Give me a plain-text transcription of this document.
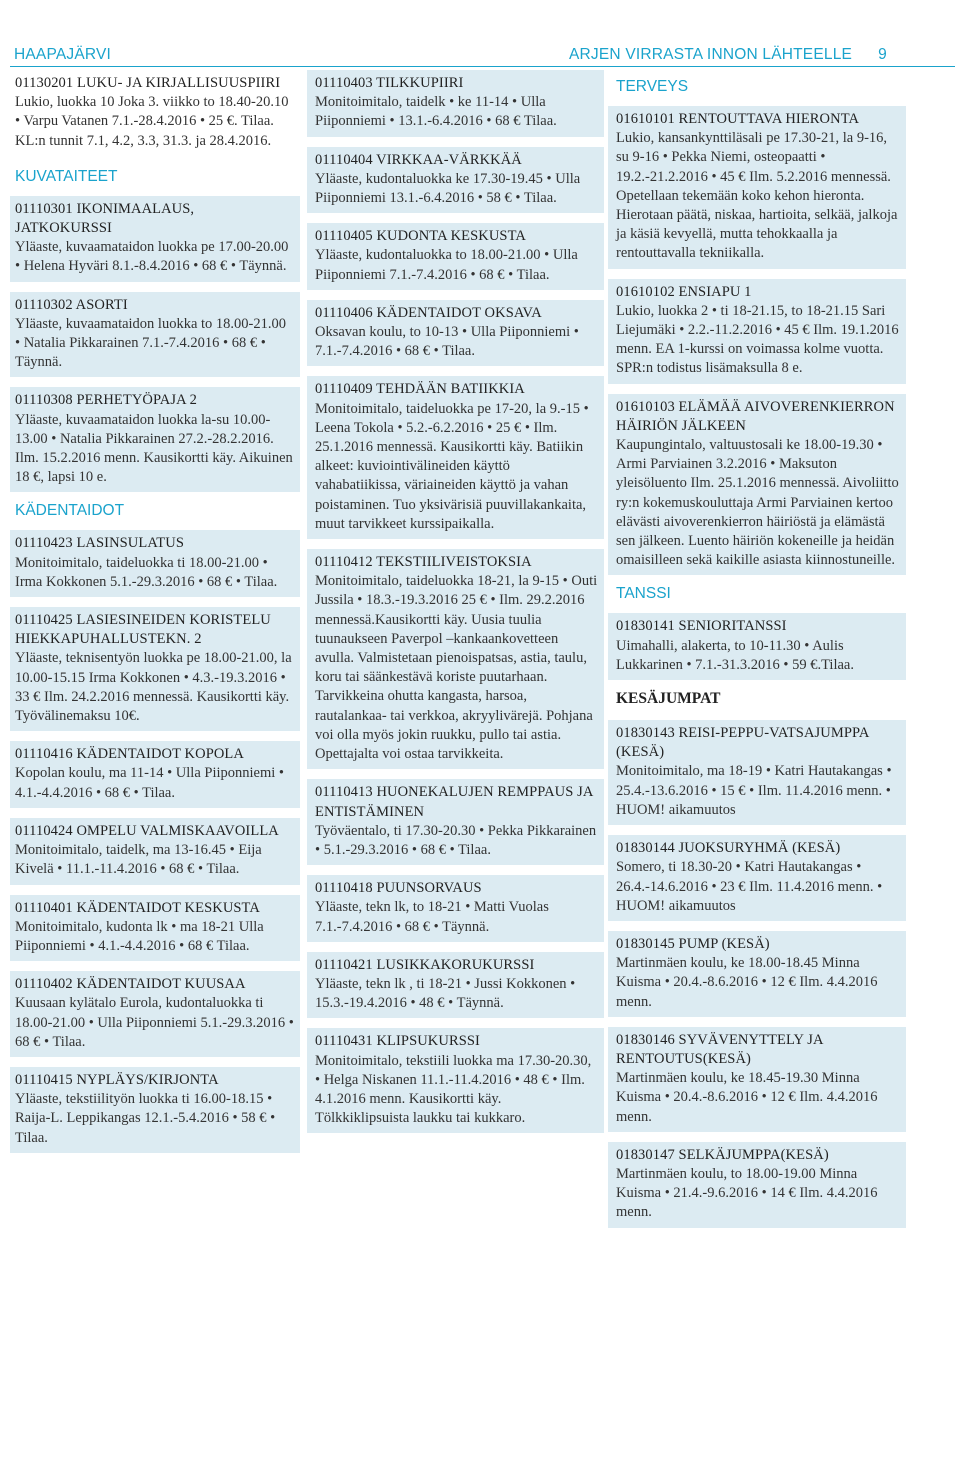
HAAPAJÄRVI	ARJEN VIRRASTA INNON LÄHTEELLE 9
01130201 LUKU- JA KIRJALLISUUSPIIRI
Lukio, luokka 10 Joka 3. viikko to 18.40-20.10 • Varpu Vatanen 7.1.-28.4.2016 • 25 €. Tilaa. KL:n tunnit 7.1, 4.2, 3.3, 31.3. ja 28.4.2016.
KUVATAITEET
01110301 IKONIMAALAUS, JATKOKURSSI
Yläaste, kuvaamataidon luokka pe 17.00-20.00 • Helena Hyväri 8.1.-8.4.2016 • 68 € • Täynnä.
01110302 ASORTI
Yläaste, kuvaamataidon luokka to 18.00-21.00 • Natalia Pikkarainen 7.1.-7.4.2016 • 68 € • Täynnä.
01110308 PERHETYÖPAJA 2
Yläaste, kuvaamataidon luokka la-su 10.00-13.00 • Natalia Pikkarainen 27.2.-28.2.2016. Ilm. 15.2.2016 menn. Kausikortti käy. Aikuinen 18 €, lapsi 10 e.
KÄDENTAIDOT
01110423 LASINSULATUS
Monitoimitalo, taideluokka ti 18.00-21.00 • Irma Kokkonen 5.1.-29.3.2016 • 68 € • Tilaa.
01110425 LASIESINEIDEN KORISTELU HIEKKAPUHALLUSTEKN. 2
Yläaste, teknisentyön luokka pe 18.00-21.00, la 10.00-15.15 Irma Kokkonen • 4.3.-19.3.2016 • 33 € Ilm. 24.2.2016 mennessä. Kausikortti käy. Työvälinemaksu 10€.
01110416 KÄDENTAIDOT KOPOLA
Kopolan koulu, ma 11-14 • Ulla Piiponniemi • 4.1.-4.4.2016 • 68 € • Tilaa.
01110424 OMPELU VALMISKAAVOILLA
Monitoimitalo, taidelk, ma 13-16.45 • Eija Kivelä • 11.1.-11.4.2016 • 68 € • Tilaa.
01110401 KÄDENTAIDOT KESKUSTA
Monitoimitalo, kudonta lk • ma 18-21 Ulla Piiponniemi • 4.1.-4.4.2016 • 68 € Tilaa.
01110402 KÄDENTAIDOT KUUSAA
Kuusaan kylätalo Eurola, kudontaluokka ti 18.00-21.00 • Ulla Piiponniemi 5.1.-29.3.2016 • 68 € • Tilaa.
01110415 NYPLÄYS/KIRJONTA
Yläaste, tekstiilityön luokka ti 16.00-18.15 • Raija-L. Leppikangas 12.1.-5.4.2016 • 58 € • Tilaa.
01110403 TILKKUPIIRI
Monitoimitalo, taidelk • ke 11-14 • Ulla Piiponniemi • 13.1.-6.4.2016 • 68 € Tilaa.
01110404 VIRKKAA-VÄRKKÄÄ
Yläaste, kudontaluokka ke 17.30-19.45 • Ulla Piiponniemi 13.1.-6.4.2016 • 58 € • Tilaa.
01110405 KUDONTA KESKUSTA
Yläaste, kudontaluokka to 18.00-21.00 • Ulla Piiponniemi 7.1.-7.4.2016 • 68 € • Tilaa.
01110406 KÄDENTAIDOT OKSAVA
Oksavan koulu, to 10-13 • Ulla Piiponniemi • 7.1.-7.4.2016 • 68 € • Tilaa.
01110409 TEHDÄÄN BATIIKKIA
Monitoimitalo, taideluokka pe 17-20, la 9.-15 • Leena Tokola • 5.2.-6.2.2016 • 25 € • Ilm. 25.1.2016 mennessä. Kausikortti käy. Batiikin alkeet: kuviointivälineiden käyttö vahabatiikissa, väriaineiden käyttö ja vahan poistaminen. Tuo yksivärisiä puuvillakankaita, muut tarvikkeet kurssipaikalla.
01110412 TEKSTIILIVEISTOKSIA
Monitoimitalo, taideluokka 18-21, la 9-15 • Outi Jussila • 18.3.-19.3.2016 25 € • Ilm. 29.2.2016 mennessä.Kausikortti käy. Uusia tuulia tuunaukseen Paverpol –kankaankovetteen avulla. Valmistetaan pienoispatsas, astia, taulu, koru tai säänkestävä koriste puutarhaan. Tarvikkeina ohutta kangasta, harsoa, rautalankaa- tai verkkoa, akryylivärejä. Pohjana voi olla myös jokin ruukku, pullo tai astia. Opettajalta voi ostaa tarvikkeita.
01110413 HUONEKALUJEN REMPPAUS JA ENTISTÄMINEN
Työväentalo, ti 17.30-20.30 • Pekka Pikkarainen • 5.1.-29.3.2016 • 68 € • Tilaa.
01110418 PUUNSORVAUS
Yläaste, tekn lk, to 18-21 • Matti Vuolas 7.1.-7.4.2016 • 68 € • Täynnä.
01110421 LUSIKKAKORUKURSSI
Yläaste, tekn lk , ti 18-21 • Jussi Kokkonen • 15.3.-19.4.2016 • 48 € • Täynnä.
01110431 KLIPSUKURSSI
Monitoimitalo, tekstiili luokka ma 17.30-20.30, • Helga Niskanen 11.1.-11.4.2016 • 48 € • Ilm. 4.1.2016 menn. Kausikortti käy. Tölkkiklipsuista laukku tai kukkaro.
TERVEYS
01610101 RENTOUTTAVA HIERONTA
Lukio, kansankynttiläsali pe 17.30-21, la 9-16, su 9-16 • Pekka Niemi, osteopaatti • 19.2.-21.2.2016 • 45 € Ilm. 5.2.2016 mennessä. Opetellaan tekemään koko kehon hieronta. Hierotaan päätä, niskaa, hartioita, selkää, jalkoja ja käsiä kevyellä, mutta tehokkaalla ja rentouttavalla tekniikalla.
01610102 ENSIAPU 1
Lukio, luokka 2 • ti 18-21.15, to 18-21.15 Sari Liejumäki • 2.2.-11.2.2016 • 45 € Ilm. 19.1.2016 menn. EA 1-kurssi on voimassa kolme vuotta. SPR:n todistus lisämaksulla 8 e.
01610103 ELÄMÄÄ AIVOVERENKIERRON HÄIRIÖN JÄLKEEN
Kaupungintalo, valtuustosali ke 18.00-19.30 • Armi Parviainen 3.2.2016 • Maksuton yleisöluento Ilm. 25.1.2016 mennessä. Aivoliitto ry:n kokemuskouluttaja Armi Parviainen kertoo elävästi aivoverenkierron häiriöstä ja elämästä sen jälkeen. Luento häiriön kokeneille ja heidän omaisilleen sekä kaikille asiasta kiinnostuneille.
TANSSI
01830141 SENIORITANSSI
Uimahalli, alakerta, to 10-11.30 • Aulis Lukkarinen • 7.1.-31.3.2016 • 59 €.Tilaa.
KESÄJUMPAT
01830143 REISI-PEPPU-VATSAJUMPPA (KESÄ)
Monitoimitalo, ma 18-19 • Katri Hautakangas • 25.4.-13.6.2016 • 15 € • Ilm. 11.4.2016 menn. • HUOM! aikamuutos
01830144 JUOKSURYHMÄ (KESÄ)
Somero, ti 18.30-20 • Katri Hautakangas • 26.4.-14.6.2016 • 23 € Ilm. 11.4.2016 menn. • HUOM! aikamuutos
01830145 PUMP (KESÄ)
Martinmäen koulu, ke 18.00-18.45 Minna Kuisma • 20.4.-8.6.2016 • 12 € Ilm. 4.4.2016 menn.
01830146 SYVÄVENYTTELY JA RENTOUTUS(KESÄ)
Martinmäen koulu, ke 18.45-19.30 Minna Kuisma • 20.4.-8.6.2016 • 12 € Ilm. 4.4.2016 menn.
01830147 SELKÄJUMPPA(KESÄ)
Martinmäen koulu, to 18.00-19.00 Minna Kuisma • 21.4.-9.6.2016 • 14 € Ilm. 4.4.2016 menn.
